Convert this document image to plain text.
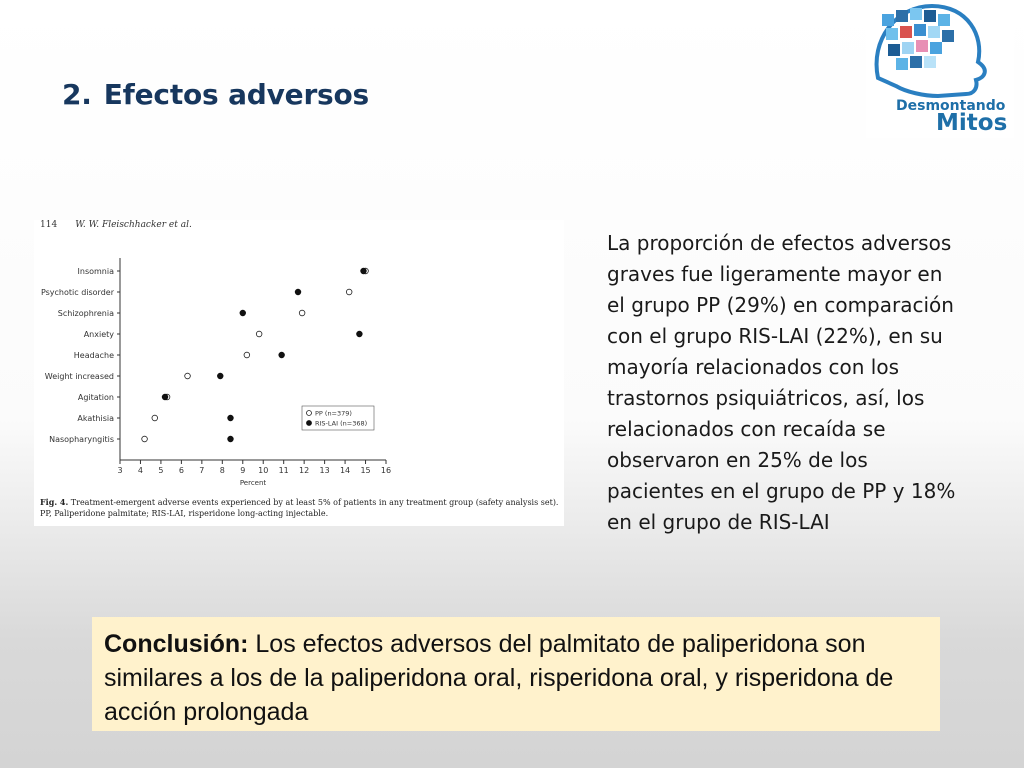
2. Efectos adversos	Desmontando
Mitos
114 W. W. Fleischhacker et al.
3 4 5 6 7 8 9 10 11 12 13 14 15 16
Percent
Insomnia
Psychotic disorder
Schizophrenia
Anxiety
Headache
Weight increased
Agitation
Akathisia
Nasopharyngitis
PP (n=379)
RIS-LAI (n=368)
Fig. 4. Treatment-emergent adverse events experienced by at least 5% of patients in any treatment group (safety analysis set). PP, Paliperidone palmitate; RIS-LAI, risperidone long-acting injectable.
La proporción de efectos adversos
graves fue ligeramente mayor en
el grupo PP (29%) en comparación
con el grupo RIS-LAI (22%), en su
mayoría relacionados con los
trastornos psiquiátricos, así, los
relacionados con recaída se
observaron en 25% de los
pacientes en el grupo de PP y 18%
en el grupo de RIS-LAI
Conclusión: Los efectos adversos del palmitato de paliperidona son similares a los de la paliperidona oral, risperidona oral, y risperidona de acción prolongada
